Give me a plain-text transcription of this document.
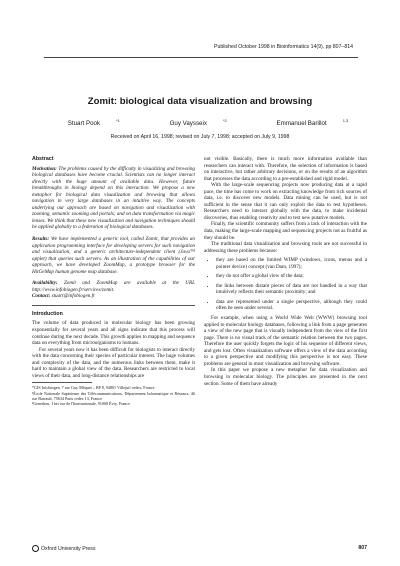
Published October 1998 in Bioinformatics 14(9), pp 807–814
Zomit: biological data visualization and browsing
Stuart Pook	$^{*1}$	Guy Vaysseix	$^{*2}$	Emmanuel Barillot	$^{1,3}$
Received on April 16, 1998; revised on July 7, 1998; accepted on July 9, 1998
Abstract

Motivation: The problems caused by the difficulty in visualizing and browsing biological databases have become crucial. Scientists can no longer interact directly with the huge amount of available data. However, future breakthroughs in biology depend on this interaction. We propose a new metaphor for biological data visualization and browsing that allows navigation in very large databases in an intuitive way. The concepts underlying our approach are based on navigation and visualization with zooming, semantic zooming and portals; and on data transformation via magic lenses. We think that these new visualization and navigation techniques should be applied globally to a federation of biological databases.

Results: We have implemented a generic tool, called Zomit, that provides an application programming interface for developing servers for such navigation and visualization, and a generic architecture-independent client (Java™ applet) that queries such servers. As an illustration of the capabilities of our approach, we have developed ZoomMap, a prototype browser for the HitGeMap human genome map database.

Availability: Zomit and ZoomMap are available at the URL http://www.infobiogen.fr/services/zomit.

Contact: stuart@infobiogen.fr

Introduction

The volume of data produced in molecular biology has been growing exponentially for several years and all signs indicate that this process will continue during the next decade. This growth applies to mapping and sequence data on everything from microorganisms to humans.

For several years now it has been difficult for biologists to interact directly with the data concerning their species of particular interest. The huge volumes and complexity of the data, and the numerous links between them, make it hard to maintain a global view of the data. Researchers are restricted to local views of their data, and long-distance relationships are

*GIS Infobiogen, 7 rue Guy Môquet – BP 8, 94801 Villejuif cedex, France

¹École Nationale Supérieure des Télécommunications, Département Informatique et Réseaux, 46 rue Barrault, 75634 Paris cedex 13, France

²Genethon, 1 bis rue de l'Internationale, 91000 Évry, France

not visible. Basically, there is much more information available than researchers can interact with. Therefore, the selection of information is based on interactive, but rather arbitrary decisions, or on the results of an algorithm that processes the data according to a pre-established and rigid model.

With the large-scale sequencing projects now producing data at a rapid pace, the time has come to work on extracting knowledge from rich sources of data, i.e. to discover new models. Data mining can be used, but is not sufficient in the sense that it can only exploit the data to test hypotheses. Researchers need to interact globally with the data, to make incidental discoveries, thus enabling creativity and to test new putative models.

Finally, the scientific community suffers from a lack of interaction with the data, making the large-scale mapping and sequencing projects not as fruitful as they should be.

The traditional data visualization and browsing tools are not successful in addressing these problems because:

• they are based on the limited WIMP (windows, icons, menus and a pointer device) concept (van Dam, 1997);
• they do not offer a global view of the data;
• the links between distant pieces of data are not handled in a way that intuitively reflects their semantic proximity; and
• data are represented under a single perspective, although they could often be seen under several.

For example, when using a World Wide Web (WWW) browsing tool applied to molecular biology databases, following a link from a page generates a view of the new page that is visually independent from the view of the first page. There is no visual track of the semantic relation between the two pages. Therefore the user quickly forgets the logic of his sequence of different views, and gets lost. Often visualization software offers a view of the data according to a given perspective and modifying this perspective is not easy. These problems are general in most visualization and browsing software.

In this paper we propose a new metaphor for data visualization and browsing in molecular biology. The principles are presented in the next section. Some of them have already

Oxford University Press	807
